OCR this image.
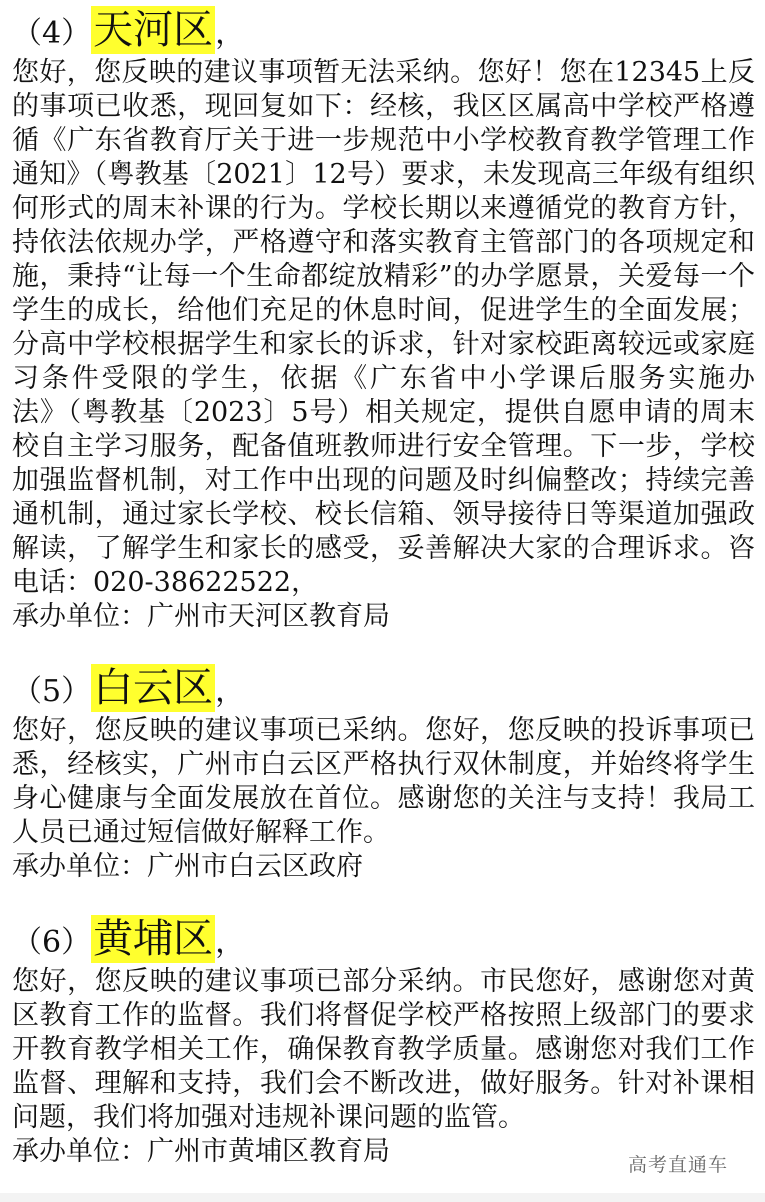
（4）天河区，
您好，您反映的建议事项暂无法采纳。您好！您在12345上反
的事项已收悉，现回复如下：经核，我区区属高中学校严格遵
循《广东省教育厅关于进一步规范中小学校教育教学管理工作
通知》（粤教基〔2021〕12号）要求，未发现高三年级有组织
何形式的周末补课的行为。学校长期以来遵循党的教育方针，
持依法依规办学，严格遵守和落实教育主管部门的各项规定和
施，秉持“让每一个生命都绽放精彩”的办学愿景，关爱每一个
学生的成长，给他们充足的休息时间，促进学生的全面发展；
分高中学校根据学生和家长的诉求，针对家校距离较远或家庭
习条件受限的学生，依据《广东省中小学课后服务实施办
法》（粤教基〔2023〕5号）相关规定，提供自愿申请的周末
校自主学习服务，配备值班教师进行安全管理。下一步，学校
加强监督机制，对工作中出现的问题及时纠偏整改；持续完善
通机制，通过家长学校、校长信箱、领导接待日等渠道加强政
解读，了解学生和家长的感受，妥善解决大家的合理诉求。咨
电话：020-38622522，
承办单位：广州市天河区教育局
（5）白云区，
您好，您反映的建议事项已采纳。您好，您反映的投诉事项已
悉，经核实，广州市白云区严格执行双休制度，并始终将学生
身心健康与全面发展放在首位。感谢您的关注与支持！我局工
人员已通过短信做好解释工作。
承办单位：广州市白云区政府
（6）黄埔区，
您好，您反映的建议事项已部分采纳。市民您好，感谢您对黄
区教育工作的监督。我们将督促学校严格按照上级部门的要求
开教育教学相关工作，确保教育教学质量。感谢您对我们工作
监督、理解和支持，我们会不断改进，做好服务。针对补课相
问题，我们将加强对违规补课问题的监管。
承办单位：广州市黄埔区教育局	高考直通车
